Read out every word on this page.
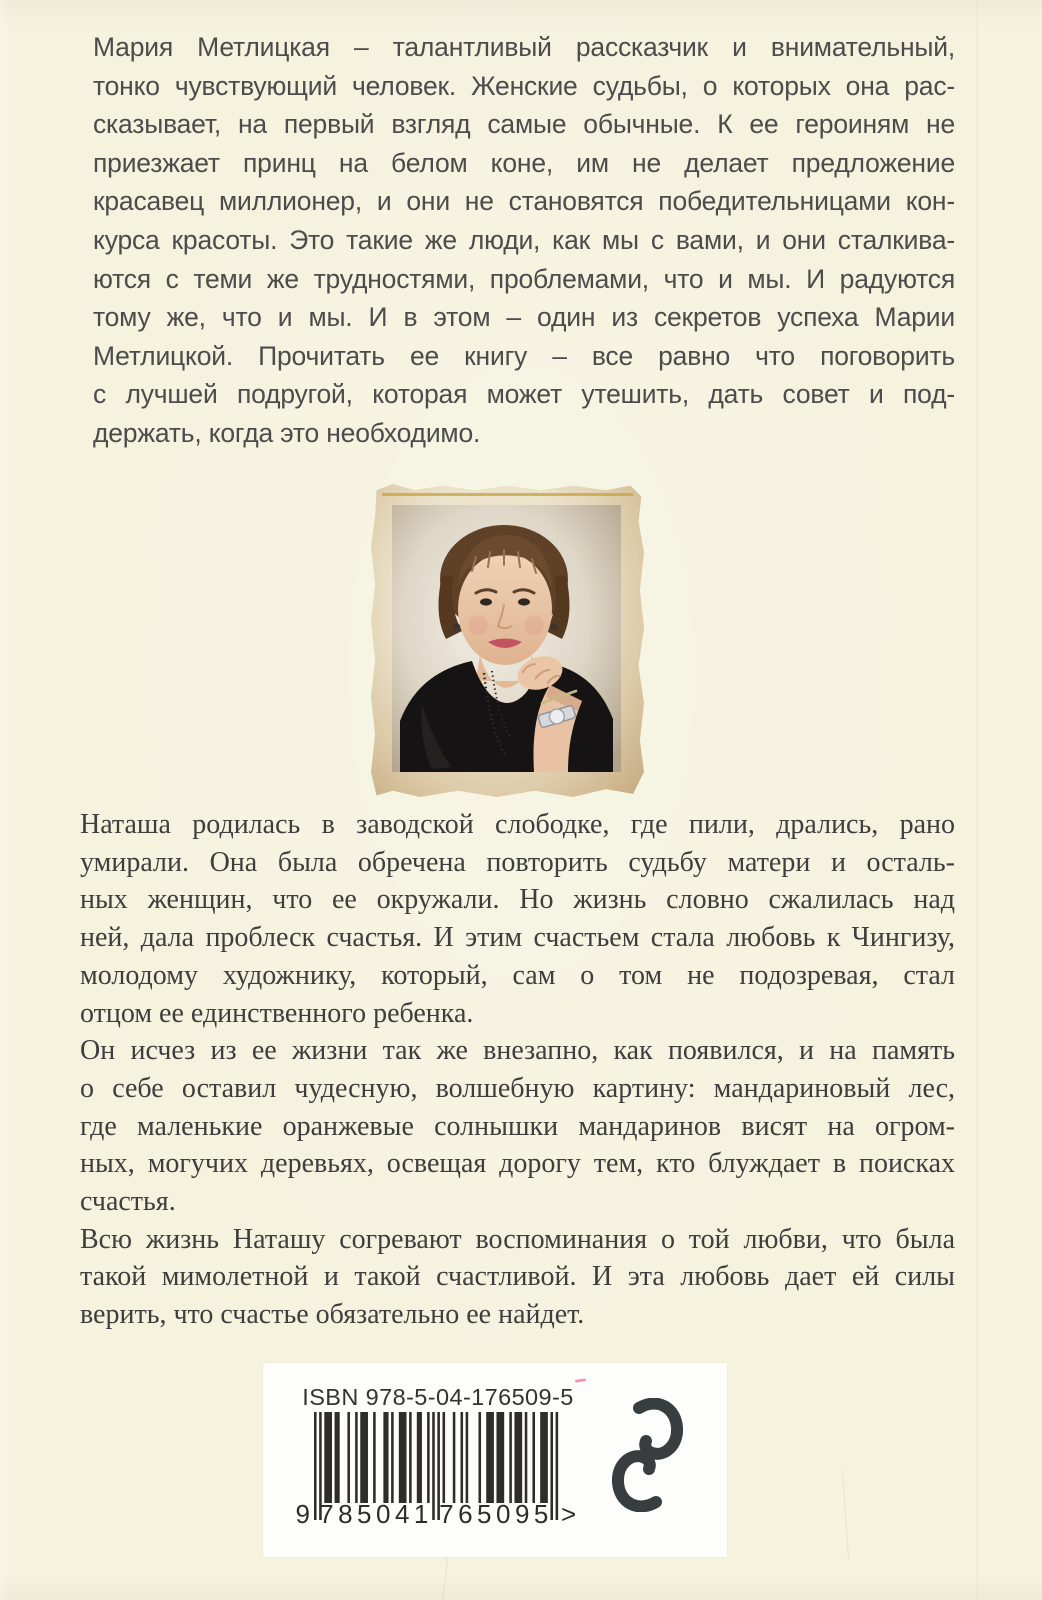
Мария Метлицкая – талантливый рассказчик и внимательный,
тонко чувствующий человек. Женские судьбы, о которых она рас-
сказывает, на первый взгляд самые обычные. К ее героиням не
приезжает принц на белом коне, им не делает предложение
красавец миллионер, и они не становятся победительницами кон-
курса красоты. Это такие же люди, как мы с вами, и они сталкива-
ются с теми же трудностями, проблемами, что и мы. И радуются
тому же, что и мы. И в этом – один из секретов успеха Марии
Метлицкой. Прочитать ее книгу – все равно что поговорить
с лучшей подругой, которая может утешить, дать совет и под-
держать, когда это необходимо.
Наташа родилась в заводской слободке, где пили, дрались, рано
умирали. Она была обречена повторить судьбу матери и осталь-
ных женщин, что ее окружали. Но жизнь словно сжалилась над
ней, дала проблеск счастья. И этим счастьем стала любовь к Чингизу,
молодому художнику, который, сам о том не подозревая, стал
отцом ее единственного ребенка.
Он исчез из ее жизни так же внезапно, как появился, и на память
о себе оставил чудесную, волшебную картину: мандариновый лес,
где маленькие оранжевые солнышки мандаринов висят на огром-
ных, могучих деревьях, освещая дорогу тем, кто блуждает в поисках
счастья.
Всю жизнь Наташу согревают воспоминания о той любви, что была
такой мимолетной и такой счастливой. И эта любовь дает ей силы
верить, что счастье обязательно ее найдет.
ISBN 978-5-04-176509-5
9 785041 765095 >
